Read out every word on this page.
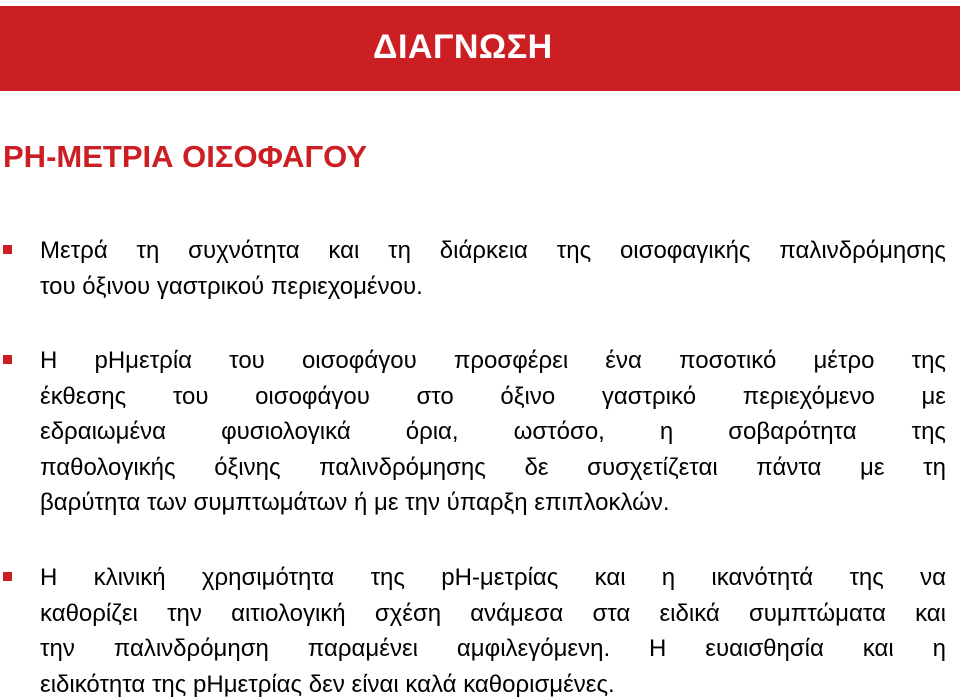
ΔΙΑΓΝΩΣΗ
PH-ΜΕΤΡΙΑ ΟΙΣΟΦΑΓΟΥ
Μετρά τη συχνότητα και τη διάρκεια της οισοφαγικής παλινδρόμησης
του όξινου γαστρικού περιεχομένου.
Η pHμετρία του οισοφάγου προσφέρει ένα ποσοτικό μέτρο της
έκθεσης του οισοφάγου στο όξινο γαστρικό περιεχόμενο με
εδραιωμένα φυσιολογικά όρια, ωστόσο, η σοβαρότητα της
παθολογικής όξινης παλινδρόμησης δε συσχετίζεται πάντα με τη
βαρύτητα των συμπτωμάτων ή με την ύπαρξη επιπλοκλών.
Η κλινική χρησιμότητα της pH-μετρίας και η ικανότητά της να
καθορίζει την αιτιολογική σχέση ανάμεσα στα ειδικά συμπτώματα και
την παλινδρόμηση παραμένει αμφιλεγόμενη. Η ευαισθησία και η
ειδικότητα της pHμετρίας δεν είναι καλά καθορισμένες.
